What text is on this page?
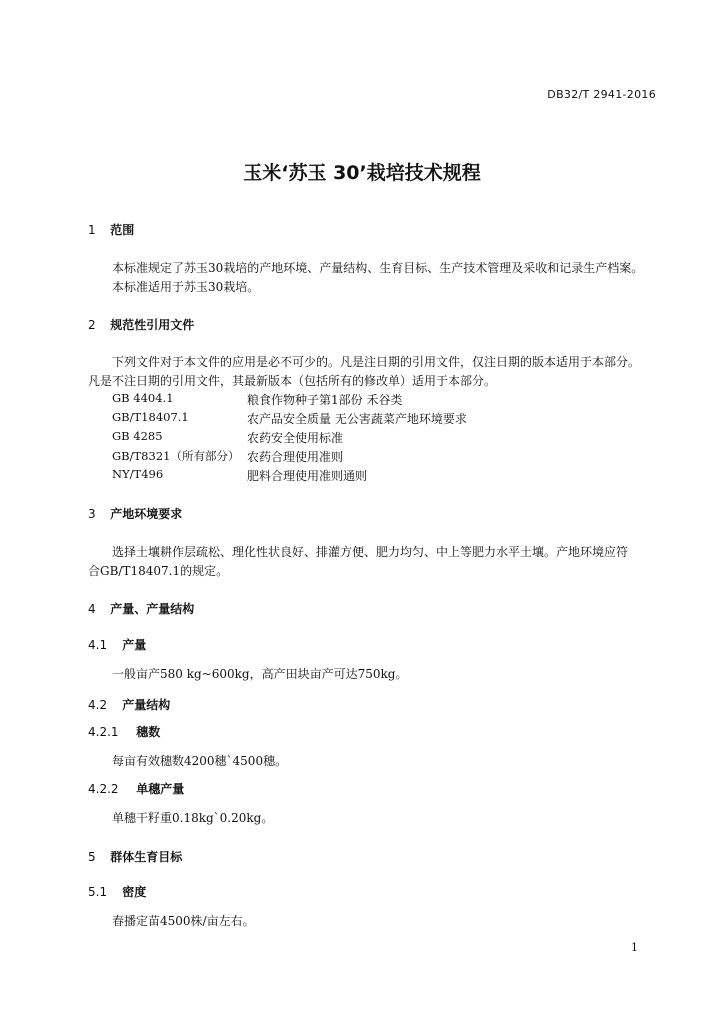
DB32/T 2941-2016
玉米‘苏玉 30’栽培技术规程
1 范围
本标准规定了苏玉30栽培的产地环境、产量结构、生育目标、生产技术管理及采收和记录生产档案。
本标准适用于苏玉30栽培。
2 规范性引用文件
下列文件对于本文件的应用是必不可少的。凡是注日期的引用文件，仅注日期的版本适用于本部分。
凡是不注日期的引用文件，其最新版本（包括所有的修改单）适用于本部分。
GB 4404.1	粮食作物种子第1部份 禾谷类
GB/T18407.1	农产品安全质量 无公害蔬菜产地环境要求
GB 4285	农药安全使用标准
GB/T8321（所有部分） 农药合理使用准则
NY/T496	肥料合理使用准则通则
3 产地环境要求
选择土壤耕作层疏松、理化性状良好、排灌方便、肥力均匀、中上等肥力水平土壤。产地环境应符
合GB/T18407.1的规定。
4 产量、产量结构
4.1 产量
一般亩产580 kg~600kg，高产田块亩产可达750kg。
4.2 产量结构
4.2.1 穗数
每亩有效穗数4200穗`4500穗。
4.2.2 单穗产量
单穗干籽重0.18kg`0.20kg。
5 群体生育目标
5.1 密度
春播定苗4500株/亩左右。
1
